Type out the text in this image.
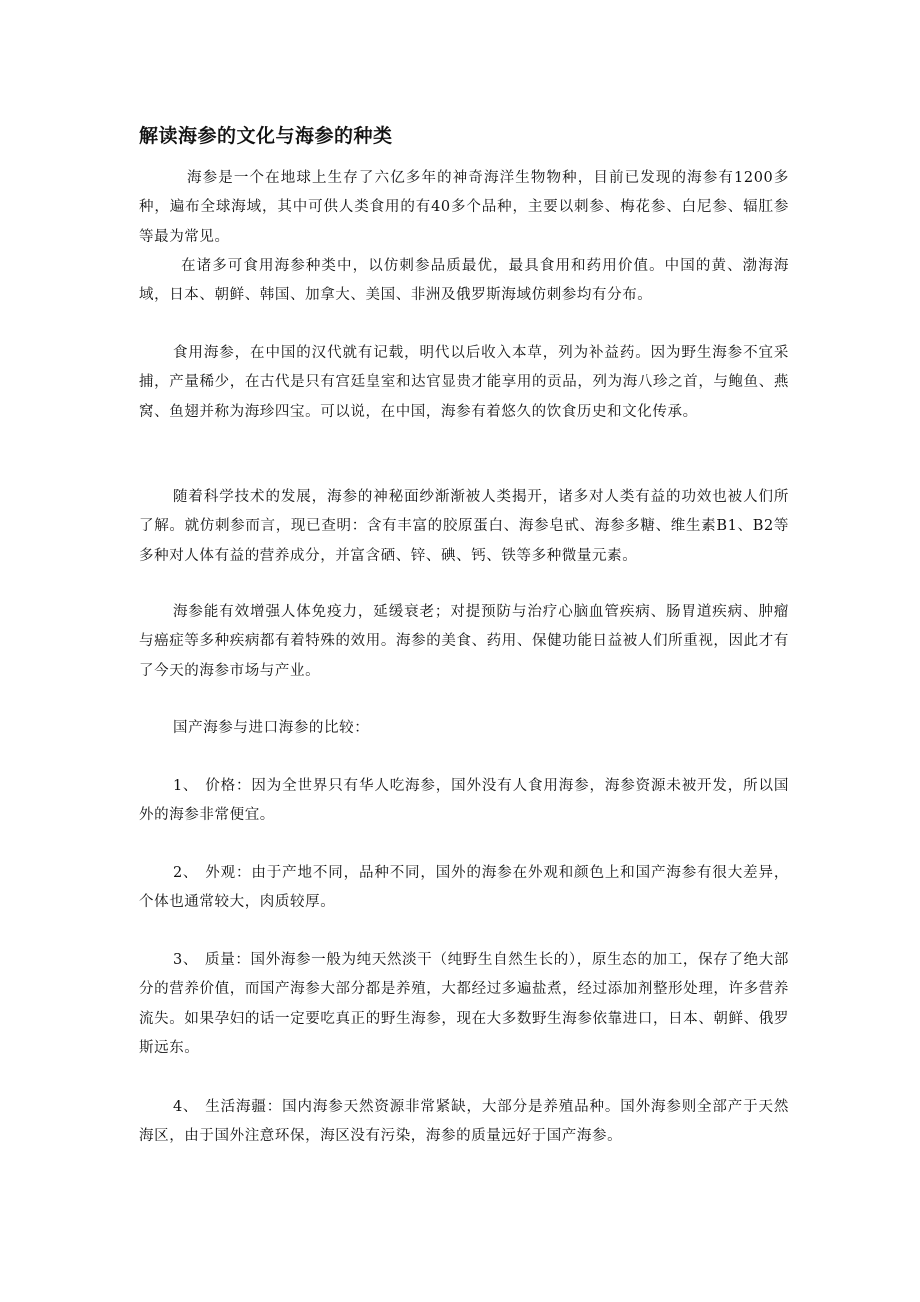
解读海参的文化与海参的种类

海参是一个在地球上生存了六亿多年的神奇海洋生物物种，目前已发现的海参有1200多种，遍布全球海域，其中可供人类食用的有40多个品种，主要以刺参、梅花参、白尼参、辐肛参等最为常见。

在诸多可食用海参种类中，以仿刺参品质最优，最具食用和药用价值。中国的黄、渤海海域，日本、朝鲜、韩国、加拿大、美国、非洲及俄罗斯海域仿刺参均有分布。

食用海参，在中国的汉代就有记载，明代以后收入本草，列为补益药。因为野生海参不宜采捕，产量稀少，在古代是只有宫廷皇室和达官显贵才能享用的贡品，列为海八珍之首，与鲍鱼、燕窝、鱼翅并称为海珍四宝。可以说，在中国，海参有着悠久的饮食历史和文化传承。

随着科学技术的发展，海参的神秘面纱渐渐被人类揭开，诸多对人类有益的功效也被人们所了解。就仿刺参而言，现已查明：含有丰富的胶原蛋白、海参皂甙、海参多糖、维生素B1、B2等多种对人体有益的营养成分，并富含硒、锌、碘、钙、铁等多种微量元素。

海参能有效增强人体免疫力，延缓衰老；对提预防与治疗心脑血管疾病、肠胃道疾病、肿瘤与癌症等多种疾病都有着特殊的效用。海参的美食、药用、保健功能日益被人们所重视，因此才有了今天的海参市场与产业。

国产海参与进口海参的比较：

1、 价格：因为全世界只有华人吃海参，国外没有人食用海参，海参资源未被开发，所以国外的海参非常便宜。

2、 外观：由于产地不同，品种不同，国外的海参在外观和颜色上和国产海参有很大差异，个体也通常较大，肉质较厚。

3、 质量：国外海参一般为纯天然淡干（纯野生自然生长的），原生态的加工，保存了绝大部分的营养价值，而国产海参大部分都是养殖，大都经过多遍盐煮，经过添加剂整形处理，许多营养流失。如果孕妇的话一定要吃真正的野生海参，现在大多数野生海参依靠进口，日本、朝鲜、俄罗斯远东。

4、 生活海疆：国内海参天然资源非常紧缺，大部分是养殖品种。国外海参则全部产于天然海区，由于国外注意环保，海区没有污染，海参的质量远好于国产海参。
